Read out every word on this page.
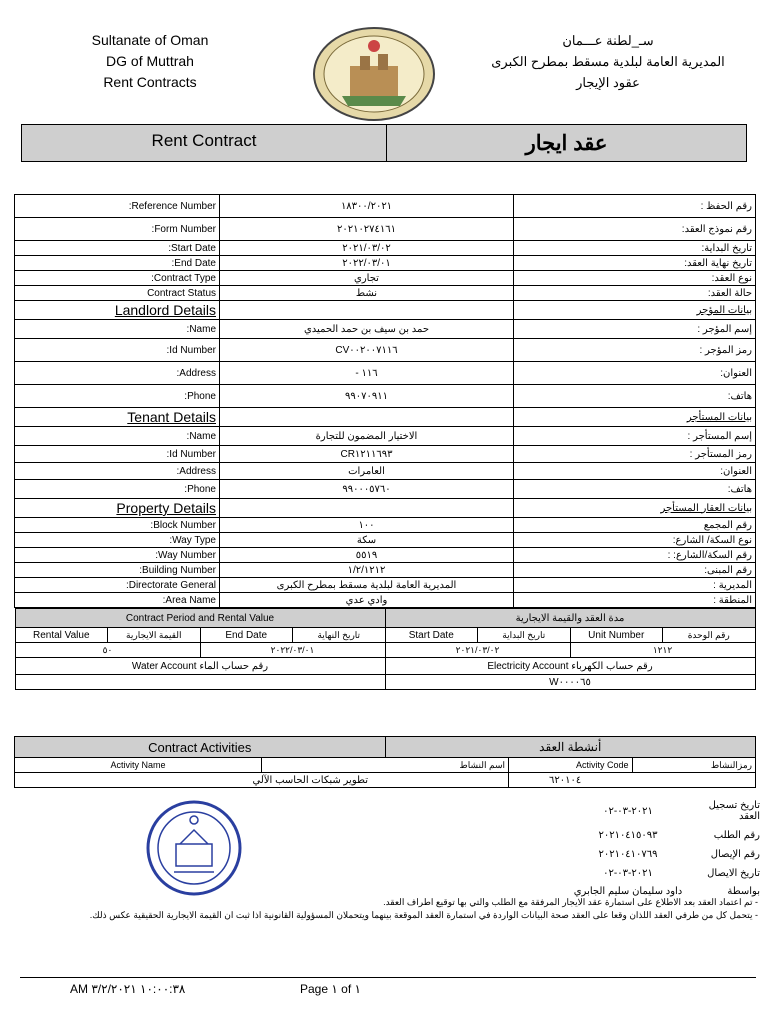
Sultanate of Oman
DG of Muttrah
Rent Contracts
سـ_لطنة عـــمان
المديرية العامة لبلدية مسقط بمطرح الكبرى
عقود الإيجار
Rent Contract	عقد ايجار
:Reference Number	١٨٣٠٠/٢٠٢١	رقم الحفظ :
:Form Number	٢٠٢١٠٢٧٤١٦١	رقم نموذج العقد:
:Start Date	٢٠٢١/٠٣/٠٢	تاريخ البداية:
:End Date	٢٠٢٢/٠٣/٠١	تاريخ نهاية العقد:
:Contract Type	تجاري	نوع العقد:
Contract Status	نشط	حالة العقد:
Landlord Details		بيانات المؤجر
:Name	حمد بن سيف بن حمد الحميدي	إسم المؤجر :
:Id Number	CV٠٠٢٠٠٧١١٦	رمز المؤجر :
:Address	- ١١٦	العنوان:
:Phone	٩٩٠٧٠٩١١	هاتف:
Tenant Details		بيانات المستأجر
:Name	الاختيار المضمون للتجارة	إسم المستأجر :
:Id Number	CR١٢١١٦٩٣	رمز المستأجر :
:Address	العامرات	العنوان:
:Phone	٩٩٠٠٠٥٧٦٠	هاتف:
Property Details		بيانات العقار المستأجر
:Block Number	١٠٠	رقم المجمع
:Way Type	سكة	نوع السكة/ الشارع:
:Way Number	٥٥١٩	رقم السكة/الشارع: :
:Building Number	١/٢/١٢١٢	رقم المبنى:
:Directorate General	المديرية العامة لبلدية مسقط بمطرح الكبرى	المديرية :
:Area Name	وادي عدي	المنطقة :

Contract Period and Rental Value	مدة العقد والقيمة الايجارية
Rental Value	القيمة الايجارية	End Date	تاريخ النهاية	Start Date	تاريخ البداية	Unit Number	رقم الوحدة
٥٠	٢٠٢٢/٠٣/٠١	٢٠٢١/٠٣/٠٢	١٢١٢
Water Account رقم حساب الماء	Electricity Account رقم حساب الكهرباء
	W٠٠٠٠٦٥
Contract Activities		أنشطة العقد		
Activity Name	اسم النشاط		Activity Code	رمزالنشاط
تطوير شبكات الحاسب الآلي			٦٢٠١٠٤	
تاريخ تسجيل العقد
٢٠٢١-٠٣-٠٢
رقم الطلب
٢٠٢١٠٤١٥٠٩٣
رقم الإيصال
٢٠٢١٠٤١٠٧٦٩
تاريخ الايصال
٢٠٢١-٠٣-٠٢
بواسطة
داود سليمان سليم الجابري
- تم اعتماد العقد بعد الاطلاع على استمارة عقد الايجار المرفقة مع الطلب والتي بها توقيع اطراف العقد.
- يتحمل كل من طرفي العقد اللذان وقعا على العقد صحة البيانات الواردة في استمارة العقد الموقعة بينهما ويتحملان المسؤولية القانونية اذا ثبت ان القيمة الايجارية الحقيقية عكس ذلك.
AM ١٠:٠٠:٣٨ ٣/٢/٢٠٢١	Page ١ of ١
